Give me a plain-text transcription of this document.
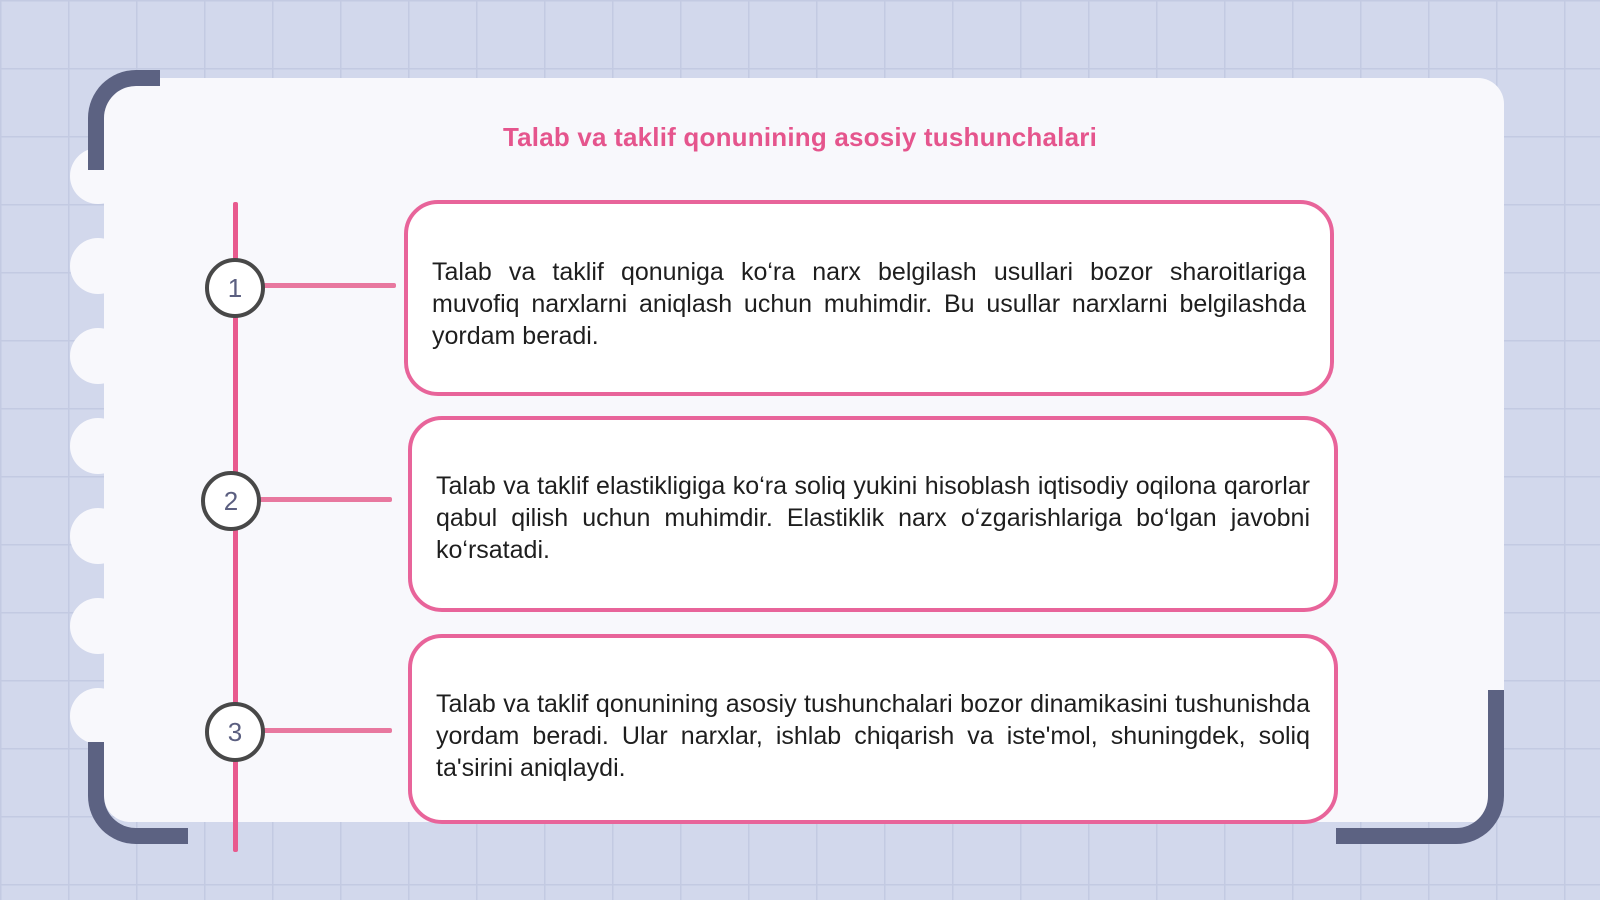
Talab va taklif qonunining asosiy tushunchalari
1

Talab va taklif qonuniga ko‘ra narx belgilash usullari bozor sharoitlariga muvofiq narxlarni aniqlash uchun muhimdir. Bu usullar narxlarni belgilashda yordam beradi.

2	Talab va taklif elastikligiga ko‘ra soliq yukini hisoblash iqtisodiy oqilona qarorlar qabul qilish uchun muhimdir. Elastiklik narx o‘zgarishlariga bo‘lgan javobni ko‘rsatadi.

3

Talab va taklif qonunining asosiy tushunchalari bozor dinamikasini tushunishda yordam beradi. Ular narxlar, ishlab chiqarish va iste'mol, shuningdek, soliq ta'sirini aniqlaydi.
